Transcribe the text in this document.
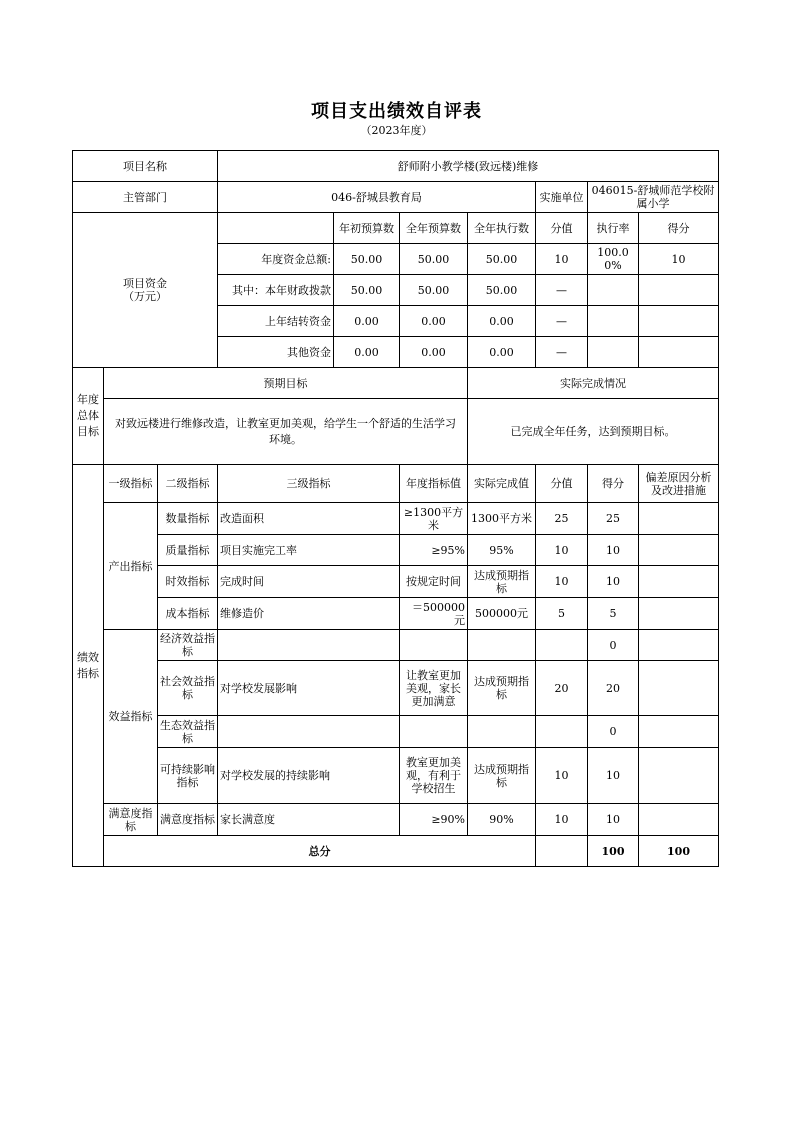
项目支出绩效自评表
（2023年度）
项目名称			舒师附小教学楼(致远楼)维修							
主管部门			046-舒城县教育局				实施单位	046015-舒城师范学校附属小学		
项目资金
（万元）				年初预算数	全年预算数	全年执行数	分值	执行率	得分	
			年度资金总额:	50.00	50.00	50.00	10	100.00%	10	
			其中：本年财政拨款	50.00	50.00	50.00	—			
			上年结转资金	0.00	0.00	0.00	—			
			其他资金	0.00	0.00	0.00	—			
年度总体目标	预期目标					实际完成情况				
	对致远楼进行维修改造，让教室更加美观，给学生一个舒适的生活学习环境。					已完成全年任务，达到预期目标。				
绩效指标	一级指标	二级指标	三级指标		年度指标值	实际完成值	分值	得分	偏差原因分析及改进措施	
	产出指标	数量指标	改造面积		≥1300平方米	1300平方米	25	25		
		质量指标	项目实施完工率		≥95%	95%	10	10		
		时效指标	完成时间		按规定时间	达成预期指标	10	10		
		成本指标	维修造价		＝500000元	500000元	5	5		
	效益指标	经济效益指标						0		
		社会效益指标	对学校发展影响		让教室更加美观，家长更加满意	达成预期指标	20	20		
		生态效益指标						0		
		可持续影响指标	对学校发展的持续影响		教室更加美观，有利于学校招生	达成预期指标	10	10		
	满意度指标	满意度指标	家长满意度		≥90%	90%	10	10		
	总分							100	100	
